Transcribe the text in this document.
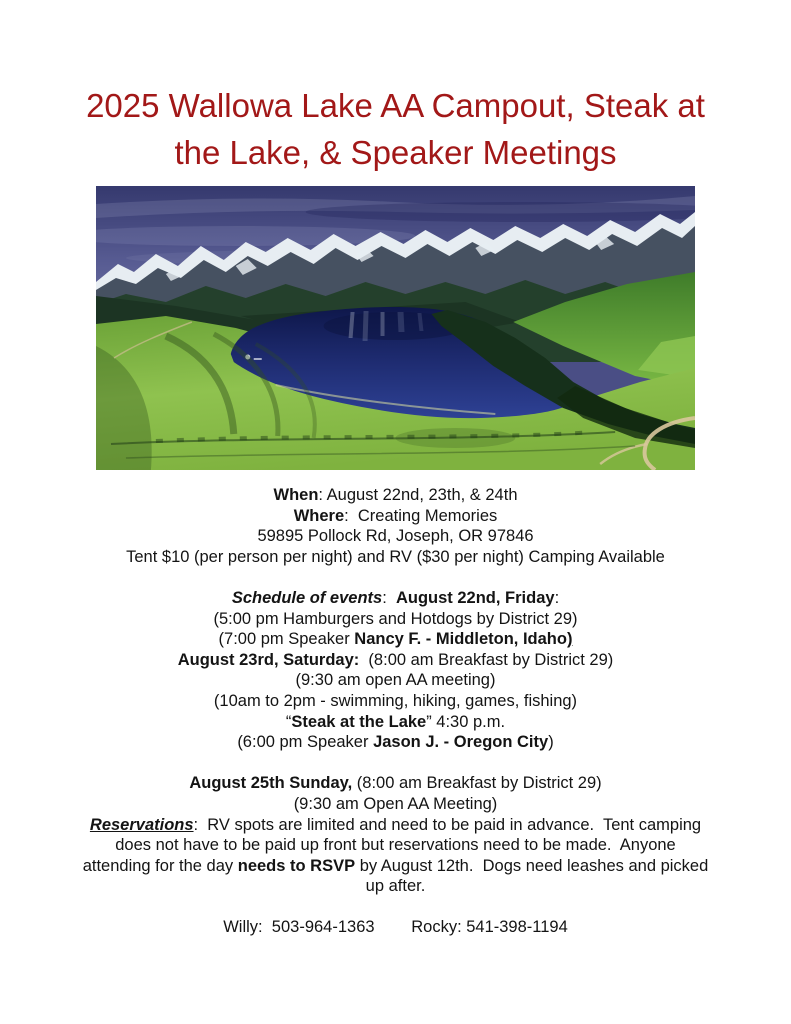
2025 Wallowa Lake AA Campout, Steak at
the Lake, & Speaker Meetings
When: August 22nd, 23th, & 24th
Where:  Creating Memories
59895 Pollock Rd, Joseph, OR 97846
Tent $10 (per person per night) and RV ($30 per night) Camping Available
Schedule of events:  August 22nd, Friday:
(5:00 pm Hamburgers and Hotdogs by District 29)
(7:00 pm Speaker Nancy F. - Middleton, Idaho)
August 23rd, Saturday:  (8:00 am Breakfast by District 29)
(9:30 am open AA meeting)
(10am to 2pm - swimming, hiking, games, fishing)
“Steak at the Lake” 4:30 p.m.
(6:00 pm Speaker Jason J. - Oregon City)
August 25th Sunday, (8:00 am Breakfast by District 29)
(9:30 am Open AA Meeting)
Reservations:  RV spots are limited and need to be paid in advance.  Tent camping
does not have to be paid up front but reservations need to be made.  Anyone
attending for the day needs to RSVP by August 12th.  Dogs need leashes and picked
up after.
Willy:  503-964-1363        Rocky: 541-398-1194
